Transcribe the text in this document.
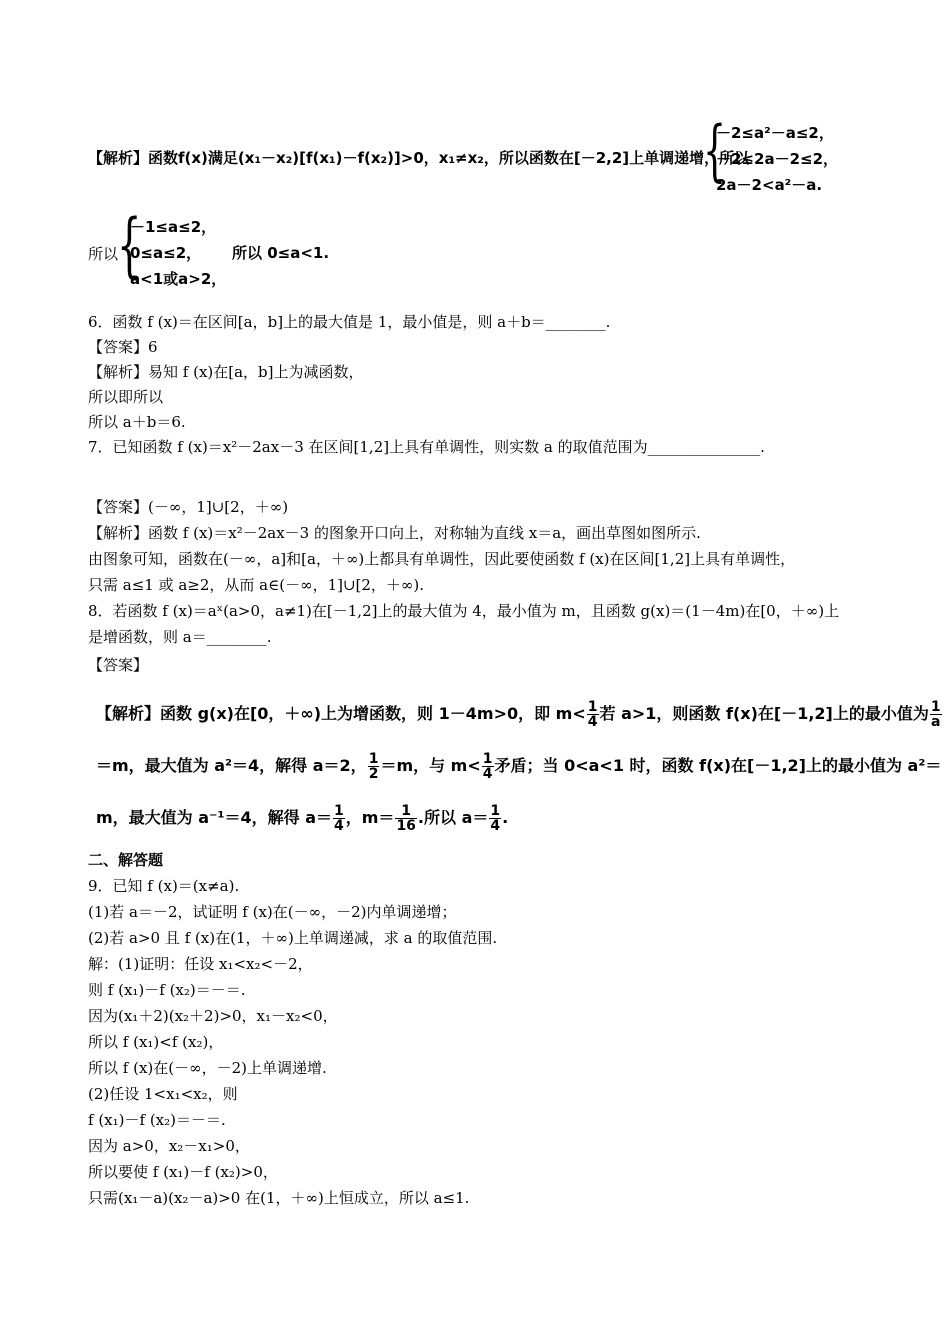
【解析】函数f(x)满足(x₁－x₂)[f(x₁)－f(x₂)]>0，x₁≠x₂，所以函数在[－2,2]上单调递增，所以
{
－2≤a²－a≤2，
－2≤2a－2≤2，
2a－2<a²－a.
所以
{
－1≤a≤2，
0≤a≤2，
a<1或a>2，
所以 0≤a<1.
6．函数 f (x)＝在区间[a，b]上的最大值是 1，最小值是，则 a＋b＝________.
【答案】6
【解析】易知 f (x)在[a，b]上为减函数，
所以即所以
所以 a＋b＝6.
7．已知函数 f (x)＝x²－2ax－3 在区间[1,2]上具有单调性，则实数 a 的取值范围为_______________.
【答案】(－∞，1]∪[2，＋∞)
【解析】函数 f (x)＝x²－2ax－3 的图象开口向上，对称轴为直线 x＝a，画出草图如图所示.
由图象可知，函数在(－∞，a]和[a，＋∞)上都具有单调性，因此要使函数 f (x)在区间[1,2]上具有单调性，
只需 a≤1 或 a≥2，从而 a∈(－∞，1]∪[2，＋∞).
8．若函数 f (x)＝aˣ(a>0，a≠1)在[－1,2]上的最大值为 4，最小值为 m，且函数 g(x)＝(1－4m)在[0，＋∞)上
是增函数，则 a＝________.
【答案】
【解析】函数 g(x)在[0，＋∞)上为增函数，则 1－4m>0，即 $m< \frac{1}{4}$ 若 a>1，则函数 f(x)在[－1,2]上的最小值为 $\frac{1}{a}$
＝m，最大值为 a²＝4，解得 a＝2， $\frac{1}{2} =m$，与 $m< \frac{1}{4}$ 矛盾；当 0<a<1 时，函数 f(x)在[－1,2]上的最小值为 a²＝
m，最大值为 a⁻¹＝4，解得 $a= \frac{1}{4}$ ，$m= \frac{1}{16}$ .所以 $a= \frac{1}{4}$ .
二、解答题
9．已知 f (x)＝(x≠a).
(1)若 a＝－2，试证明 f (x)在(－∞，－2)内单调递增；
(2)若 a>0 且 f (x)在(1，＋∞)上单调递减，求 a 的取值范围.
解：(1)证明：任设 x₁<x₂<－2，
则 f (x₁)－f (x₂)＝－＝.
因为(x₁＋2)(x₂＋2)>0，x₁－x₂<0，
所以 f (x₁)<f (x₂)，
所以 f (x)在(－∞，－2)上单调递增.
(2)任设 1<x₁<x₂，则
f (x₁)－f (x₂)＝－＝.
因为 a>0，x₂－x₁>0，
所以要使 f (x₁)－f (x₂)>0，
只需(x₁－a)(x₂－a)>0 在(1，＋∞)上恒成立，所以 a≤1.
